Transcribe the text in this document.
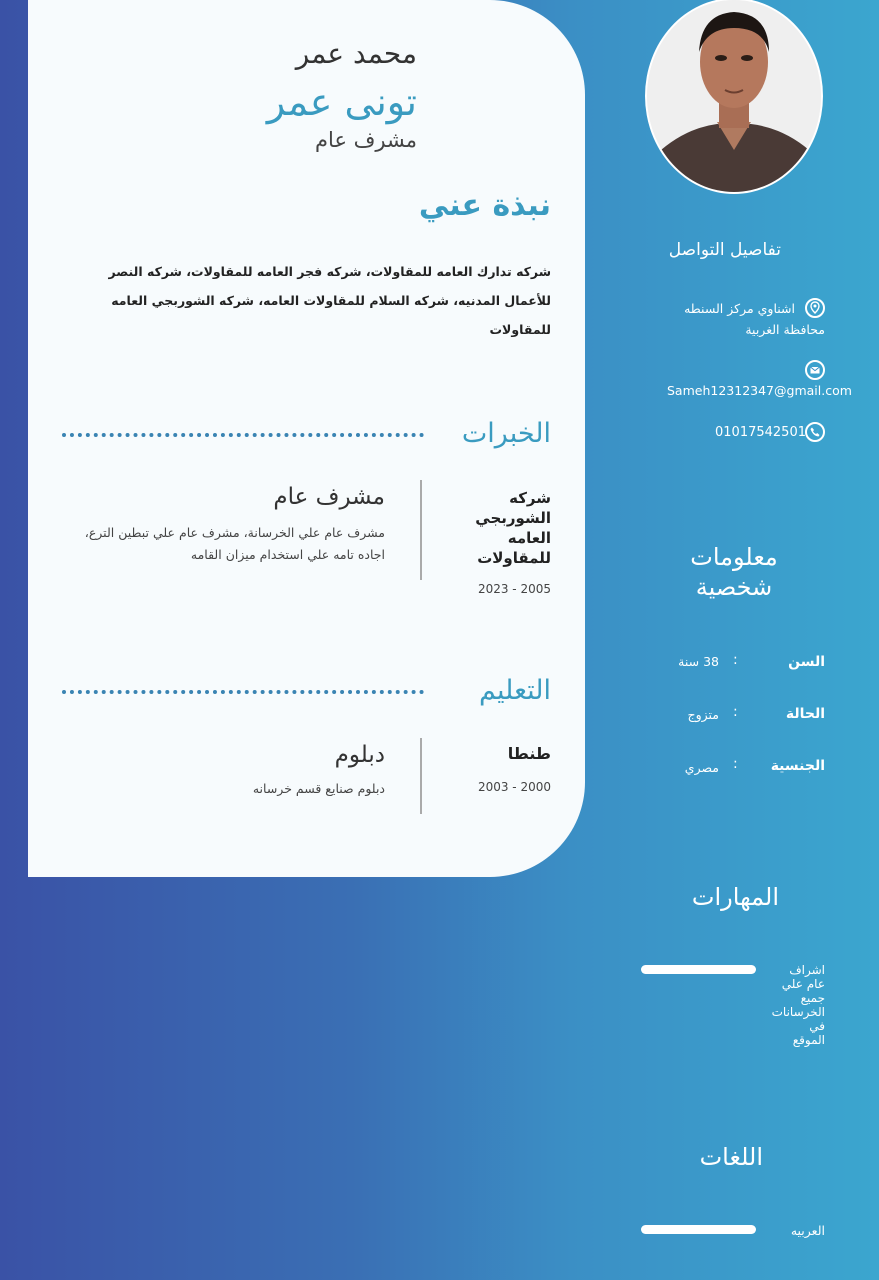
محمد عمر
تونى عمر
مشرف عام
نبذة عني
شركه تدارك العامه للمقاولات، شركه فجر العامه للمقاولات، شركه النصر للأعمال المدنيه، شركه السلام للمقاولات العامه، شركه الشوربجي العامه للمقاولات
الخبرات
شركه الشوربجي العامه للمقاولات
2023 - 2005
مشرف عام
مشرف عام علي الخرسانة، مشرف عام علي تبطين الترع، اجاده تامه علي استخدام ميزان القامه
التعليم
طنطا
2003 - 2000
دبلوم
دبلوم صنايع قسم خرسانه
تفاصيل التواصل
اشناوي مركز السنطه
محافظة الغربية
Sameh12312347@gmail.com
01017542501
معلومات
شخصية
السن
:
38 سنة
الحالة
:
متزوج
الجنسية
:
مصري
المهارات
اشراف عام علي جميع الخرسانات في الموقع
اللغات
العربيه
